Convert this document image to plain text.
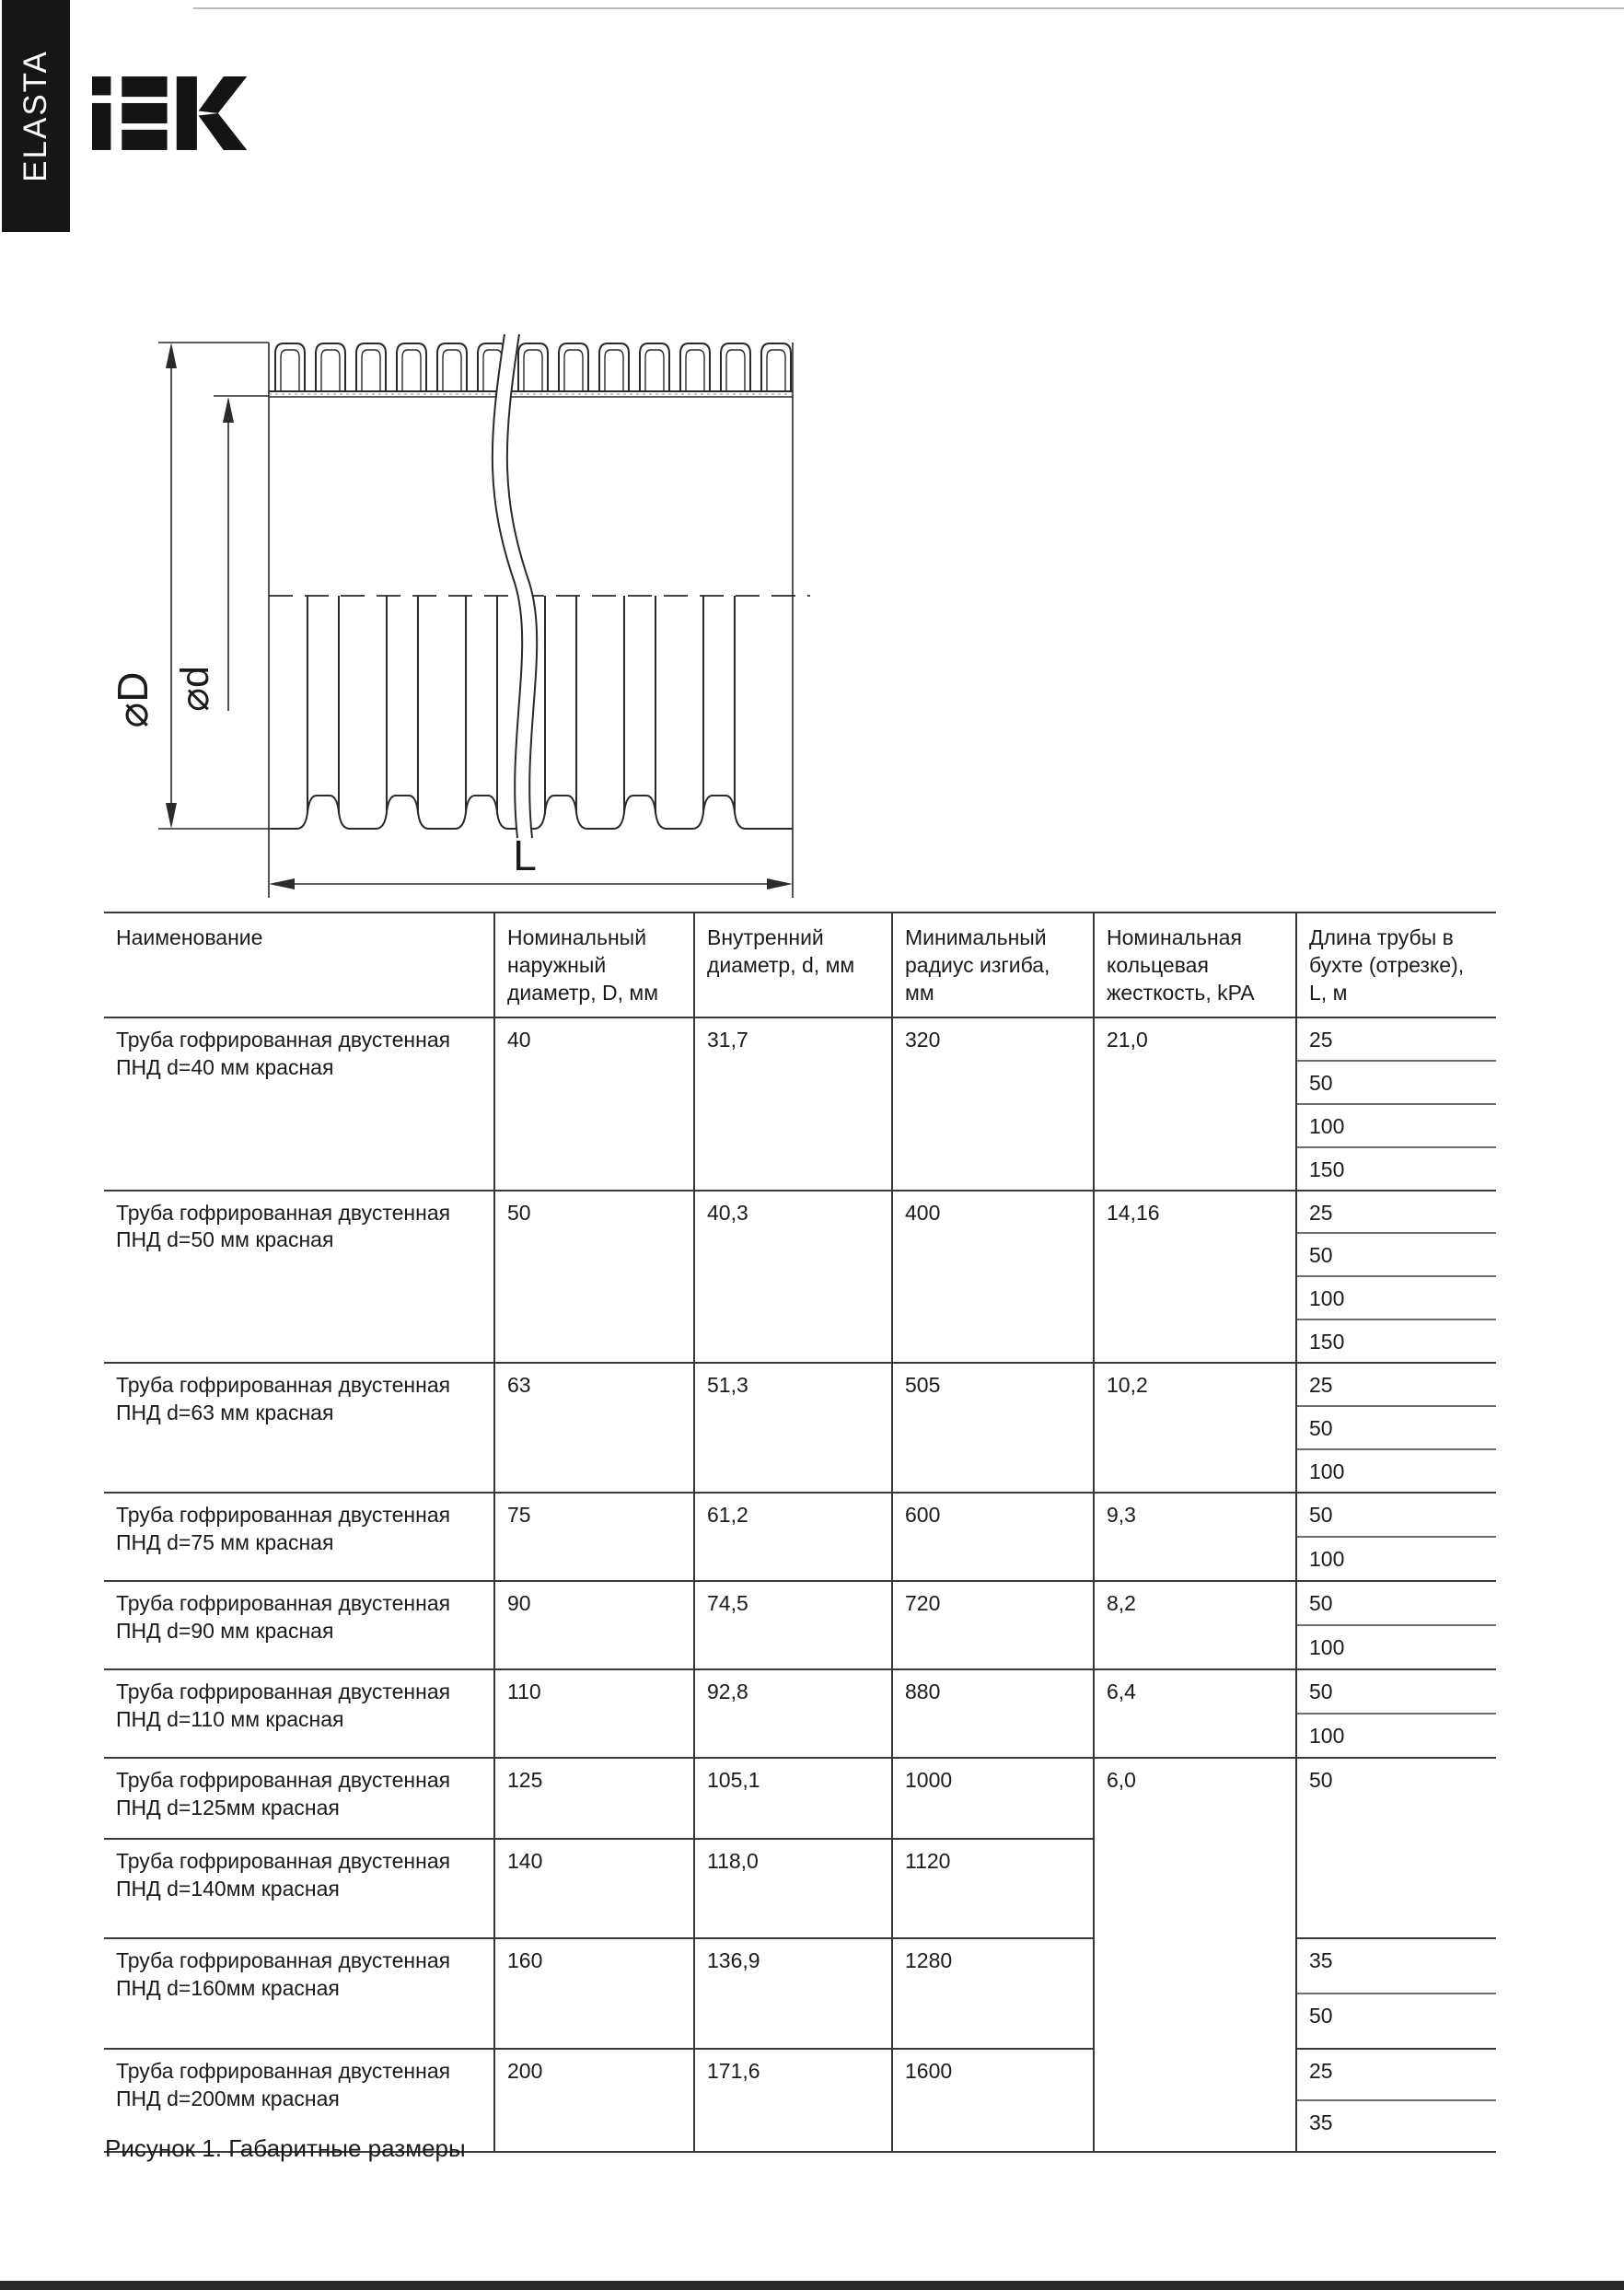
ELASTA
⌀D ⌀d
L
Наименование	Номинальный наружный диаметр, D, мм	Внутренний диаметр, d, мм	Минимальный радиус изгиба, мм	Номинальная кольцевая жесткость, kPA	Длина трубы в бухте (отрезке), L, м
Труба гофрированная двустенная ПНД d=40 мм красная	40	31,7	320	21,0	25
					50
					100
					150
Труба гофрированная двустенная ПНД d=50 мм красная	50	40,3	400	14,16	25
					50
					100
					150
Труба гофрированная двустенная ПНД d=63 мм красная	63	51,3	505	10,2	25
					50
					100
Труба гофрированная двустенная ПНД d=75 мм красная	75	61,2	600	9,3	50
					100
Труба гофрированная двустенная ПНД d=90 мм красная	90	74,5	720	8,2	50
					100
Труба гофрированная двустенная ПНД d=110 мм красная	110	92,8	880	6,4	50
					100
Труба гофрированная двустенная ПНД d=125мм красная	125	105,1	1000	6,0	50
Труба гофрированная двустенная ПНД d=140мм красная	140	118,0	1120		
Труба гофрированная двустенная ПНД d=160мм красная	160	136,9	1280		35
					50
Труба гофрированная двустенная ПНД d=200мм красная	200	171,6	1600		25
					35
Рисунок 1. Габаритные размеры
